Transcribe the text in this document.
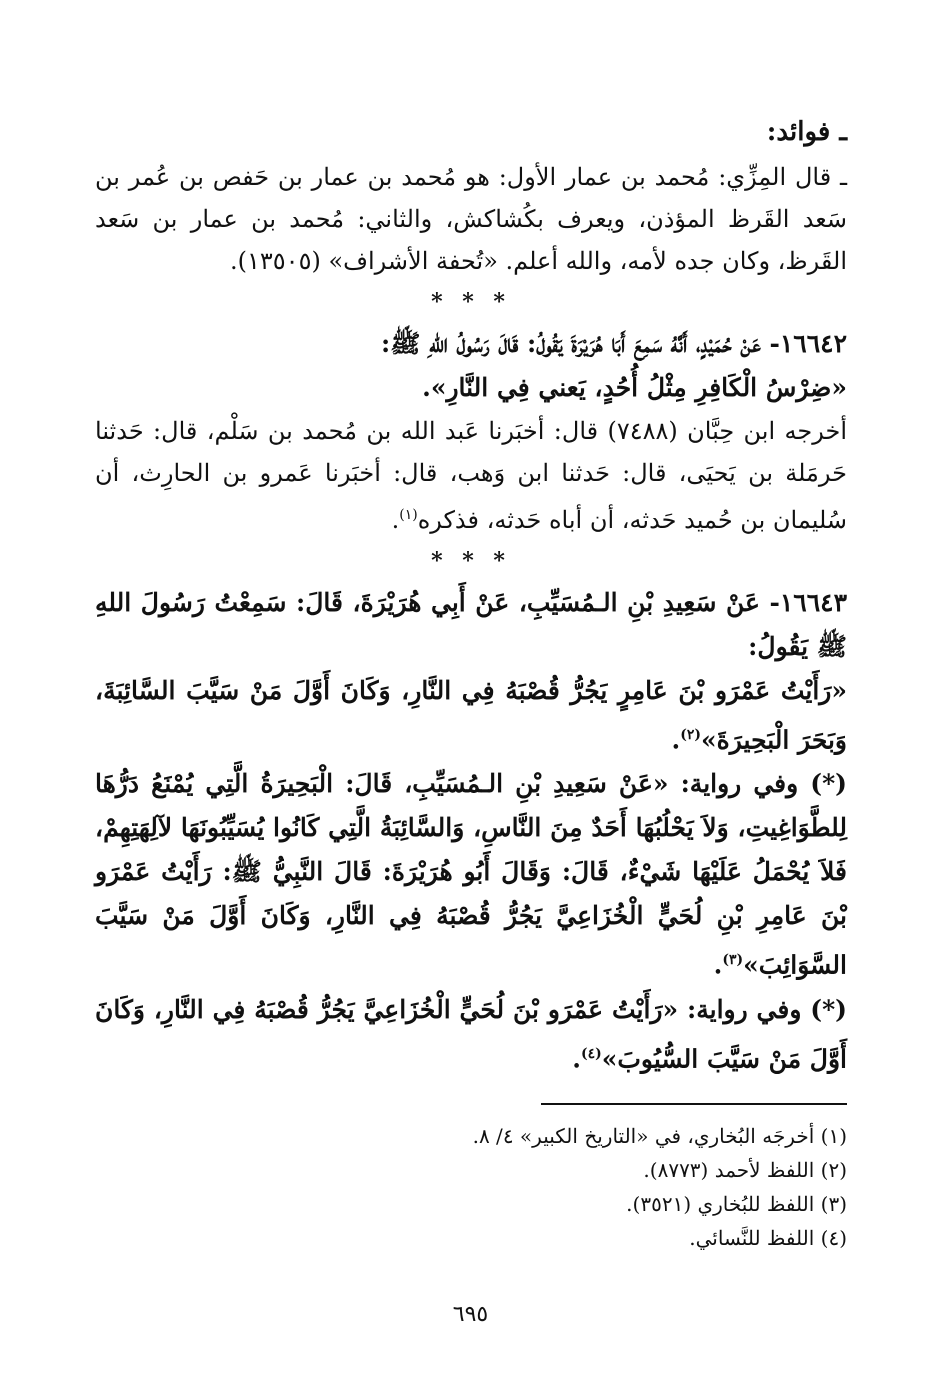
ـ فوائد:

ـ قال المِزِّي: مُحمد بن عمار الأول: هو مُحمد بن عمار بن حَفص بن عُمر بن سَعد القَرظ المؤذن، ويعرف بكُشاكش، والثاني: مُحمد بن عمار بن سَعد القَرظ، وكان جده لأمه، والله أعلم. «تُحفة الأشراف» (١٣٥٠٥).

* * *

١٦٦٤٢- عَنْ حُمَيْدٍ، أَنَّهُ سَمِعَ أَبَا هُرَيْرَةَ يَقُولُ: قَالَ رَسُولُ اللهِ ﷺ:

«ضِرْسُ الْكَافِرِ مِثْلُ أُحُدٍ، يَعني فِي النَّارِ».

أخرجه ابن حِبَّان (٧٤٨٨) قال: أخبَرنا عَبد الله بن مُحمد بن سَلْم، قال: حَدثنا حَرمَلة بن يَحيَى، قال: حَدثنا ابن وَهب، قال: أخبَرنا عَمرو بن الحارِث، أن سُليمان بن حُميد حَدثه، أن أباه حَدثه، فذكره$^{(١)}$.

* * *

١٦٦٤٣- عَنْ سَعِيدِ بْنِ الـمُسَيِّبِ، عَنْ أَبِي هُرَيْرَةَ، قَالَ: سَمِعْتُ رَسُولَ اللهِ ﷺ يَقُولُ:

«رَأَيْتُ عَمْرَو بْنَ عَامِرٍ يَجُرُّ قُصْبَهُ فِي النَّارِ، وَكَانَ أَوَّلَ مَنْ سَيَّبَ السَّائِبَةَ، وَبَحَرَ الْبَحِيرَةَ»$^{(٢)}$.

(*) وفي رواية: «عَنْ سَعِيدِ بْنِ الـمُسَيِّبِ، قَالَ: الْبَحِيرَةُ الَّتِي يُمْنَعُ دَرُّهَا لِلطَّوَاغِيتِ، وَلاَ يَحْلُبُهَا أَحَدٌ مِنَ النَّاسِ، وَالسَّائِبَةُ الَّتِي كَانُوا يُسَيِّبُونَهَا لآلِهَتِهِمْ، فَلاَ يُحْمَلُ عَلَيْهَا شَيْءٌ، قَالَ: وَقَالَ أَبُو هُرَيْرَةَ: قَالَ النَّبِيُّ ﷺ: رَأَيْتُ عَمْرَو بْنَ عَامِرِ بْنِ لُحَيٍّ الْخُزَاعِيَّ يَجُرُّ قُصْبَهُ فِي النَّارِ، وَكَانَ أَوَّلَ مَنْ سَيَّبَ السَّوَائِبَ»$^{(٣)}$.

(*) وفي رواية: «رَأَيْتُ عَمْرَو بْنَ لُحَيٍّ الْخُزَاعِيَّ يَجُرُّ قُصْبَهُ فِي النَّارِ، وَكَانَ أَوَّلَ مَنْ سَيَّبَ السُّيُوبَ»$^{(٤)}$.

(١) أخرجَه البُخاري، في «التاريخ الكبير» ٤/ ٨.

(٢) اللفظ لأحمد (٨٧٧٣).

(٣) اللفظ للبُخاري (٣٥٢١).

(٤) اللفظ للنَّسائي.

٦٩٥
